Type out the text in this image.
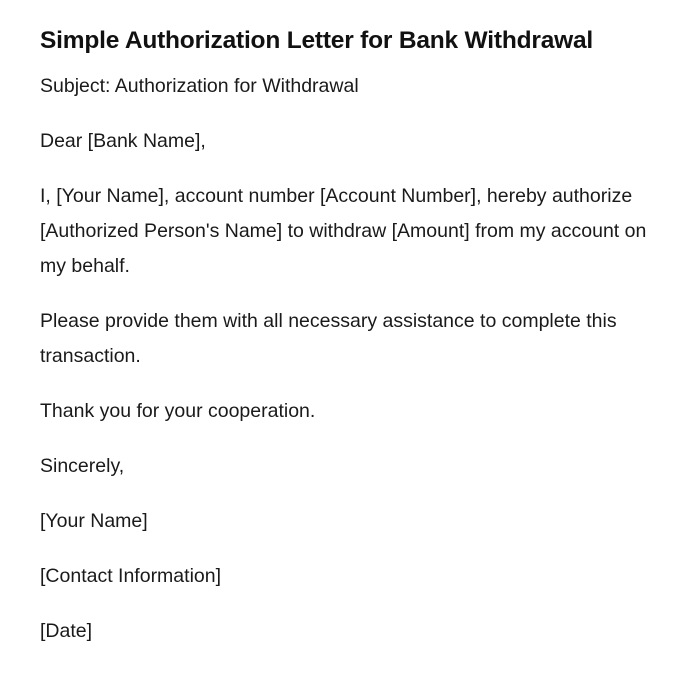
Simple Authorization Letter for Bank Withdrawal

Subject: Authorization for Withdrawal

Dear [Bank Name],

I, [Your Name], account number [Account Number], hereby authorize [Authorized Person's Name] to withdraw [Amount] from my account on my behalf.

Please provide them with all necessary assistance to complete this transaction.

Thank you for your cooperation.

Sincerely,

[Your Name]

[Contact Information]

[Date]
